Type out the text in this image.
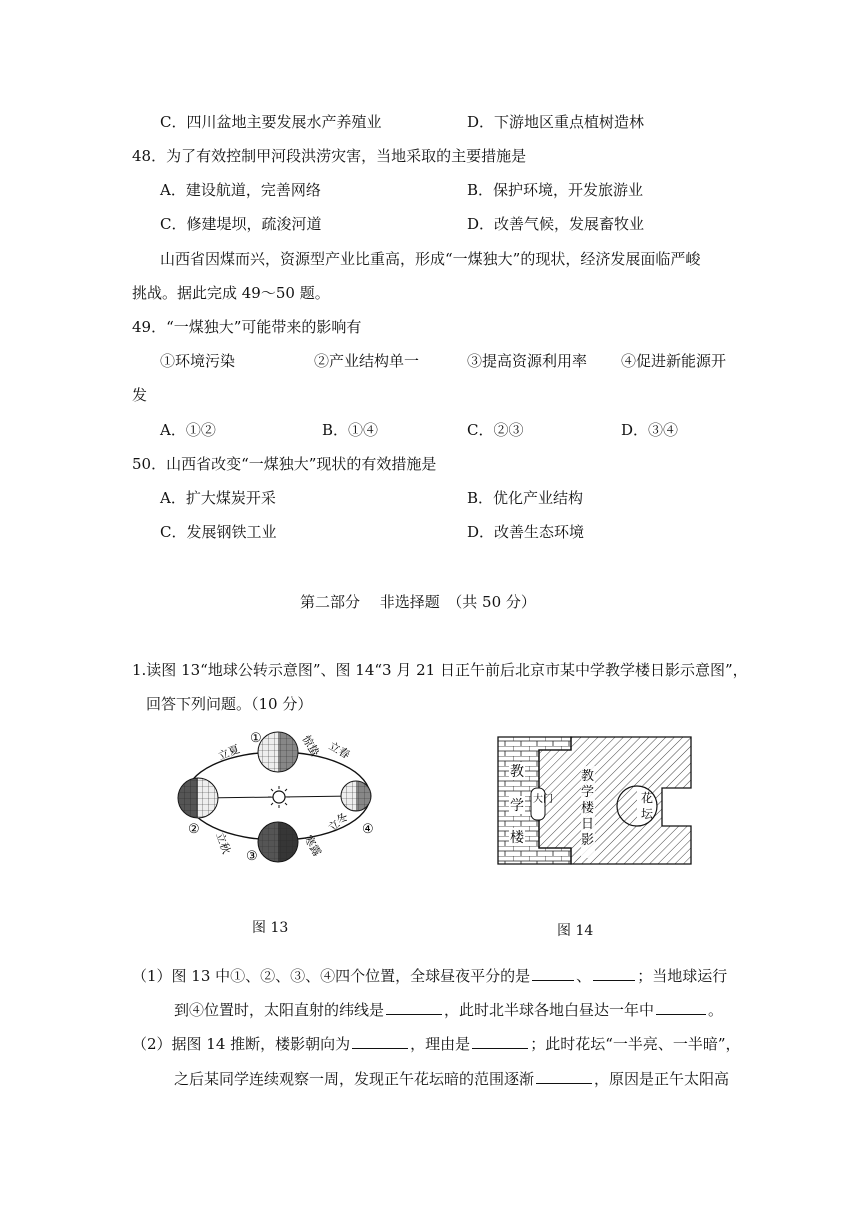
C．四川盆地主要发展水产养殖业	D．下游地区重点植树造林
48．为了有效控制甲河段洪涝灾害，当地采取的主要措施是
A．建设航道，完善网络	B．保护环境，开发旅游业
C．修建堤坝，疏浚河道	D．改善气候，发展畜牧业
山西省因煤而兴，资源型产业比重高，形成“一煤独大”的现状，经济发展面临严峻
挑战。据此完成 49～50 题。
49．“一煤独大”可能带来的影响有
①环境污染	②产业结构单一	③提高资源利用率 ④促进新能源开
发
A．①②	B．①④	C．②③	D．③④
50．山西省改变“一煤独大”现状的有效措施是
A．扩大煤炭开采	B．优化产业结构
C．发展钢铁工业	D．改善生态环境
第二部分　 非选择题　（共 50 分）
1.读图 13“地球公转示意图”、图 14“3 月 21 日正午前后北京市某中学教学楼日影示意图”，
回答下列问题。（10 分）
①
②
③
④
立夏	惊蛰 立春
立秋	寒露
立冬
图 13
教
学
楼
大门
教
学
楼
日
影
花
坛
图 14
（1）图 13 中①、②、③、④四个位置，全球昼夜平分的是	、	；当地球运行
到④位置时，太阳直射的纬线是	，此时北半球各地白昼达一年中	。
（2）据图 14 推断，楼影朝向为	，理由是	；此时花坛“一半亮、一半暗”，
之后某同学连续观察一周，发现正午花坛暗的范围逐渐	，原因是正午太阳高
